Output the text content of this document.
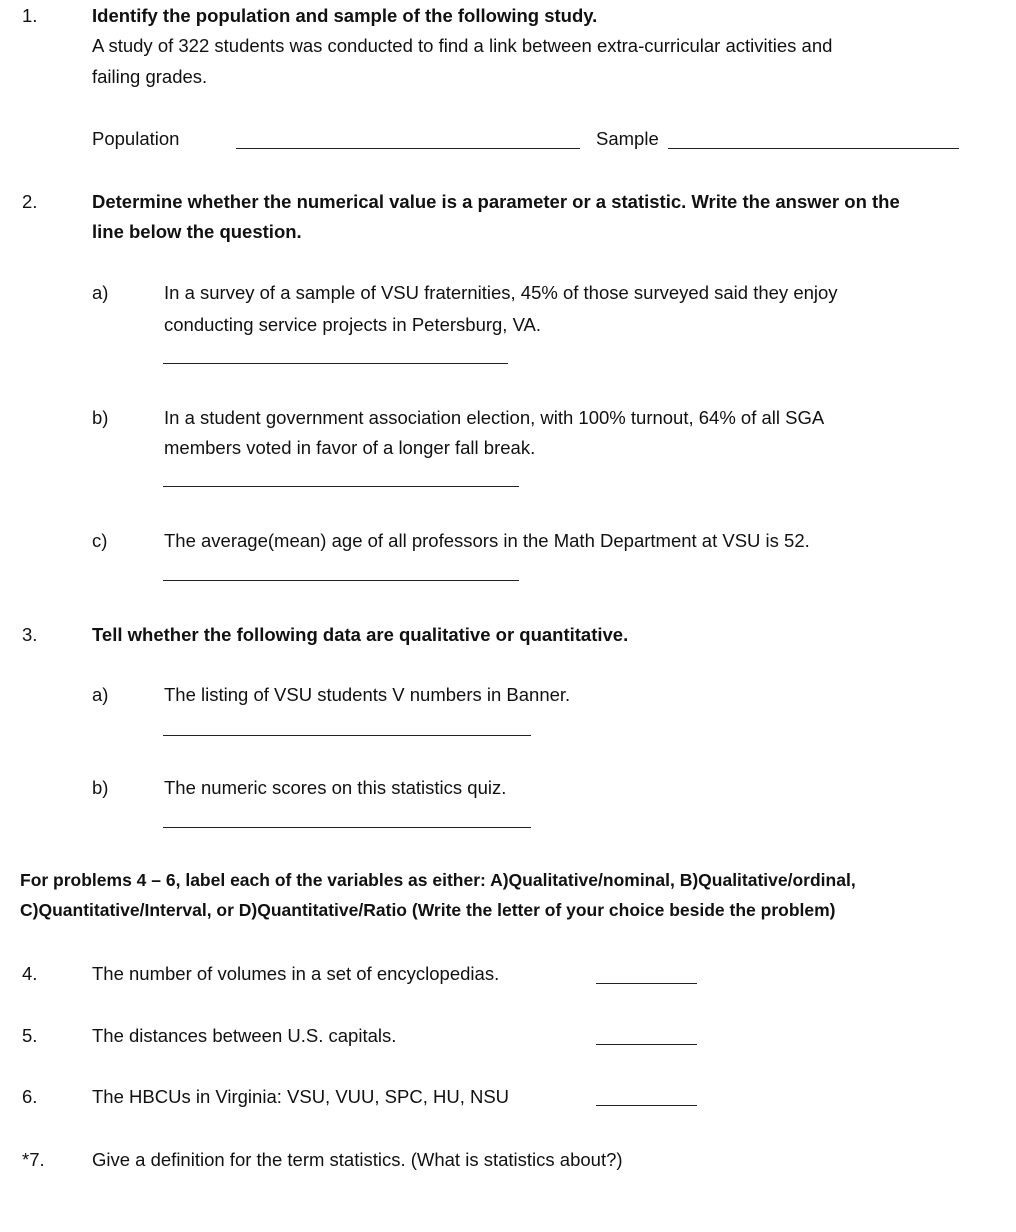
1.	Identify the population and sample of the following study.
A study of 322 students was conducted to find a link between extra-curricular activities and
failing grades.
Population	Sample
2.	Determine whether the numerical value is a parameter or a statistic. Write the answer on the
line below the question.
a)	In a survey of a sample of VSU fraternities, 45% of those surveyed said they enjoy
conducting service projects in Petersburg, VA.
b)	In a student government association election, with 100% turnout, 64% of all SGA
members voted in favor of a longer fall break.
c)	The average(mean) age of all professors in the Math Department at VSU is 52.
3.	Tell whether the following data are qualitative or quantitative.
a)	The listing of VSU students V numbers in Banner.
b)	The numeric scores on this statistics quiz.
For problems 4 – 6, label each of the variables as either: A)Qualitative/nominal, B)Qualitative/ordinal,
C)Quantitative/Interval, or D)Quantitative/Ratio (Write the letter of your choice beside the problem)
4.	The number of volumes in a set of encyclopedias.
5.	The distances between U.S. capitals.
6.	The HBCUs in Virginia: VSU, VUU, SPC, HU, NSU
*7.	Give a definition for the term statistics. (What is statistics about?)
